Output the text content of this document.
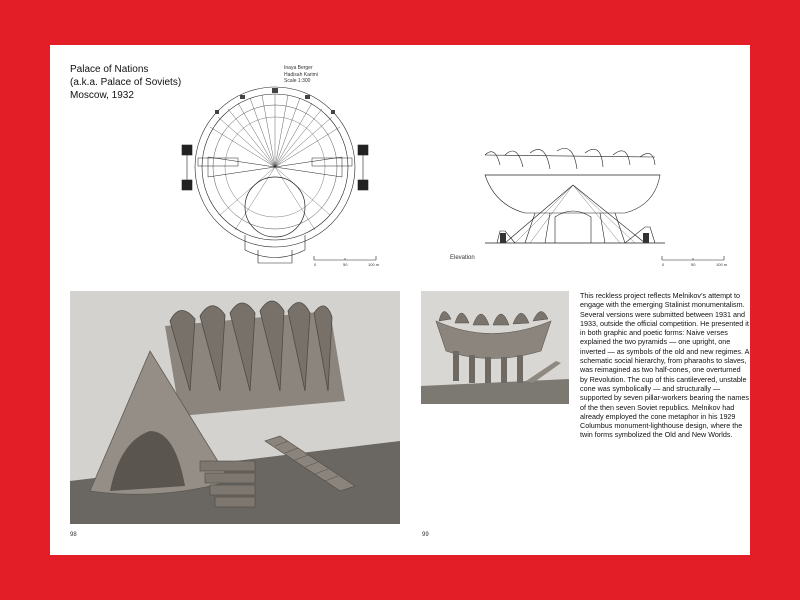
Palace of Nations
(a.k.a. Palace of Soviets)
Moscow, 1932
Inaya Berger
Hadisah Karimi
Scale 1:300
0	50	100 m	0	50	100 m
Elevation
This reckless project reflects Melnikov’s attempt to engage with the emerging Stalinist monumentalism. Several versions were submitted between 1931 and 1933, outside the official competition. He presented it in both graphic and poetic forms: Naive verses explained the two pyramids — one upright, one inverted — as symbols of the old and new regimes. A schematic social hierarchy, from pharaohs to slaves, was reimagined as two half-cones, one overturned by Revolution. The cup of this cantilevered, unstable cone was symbolically — and structurally — supported by seven pillar-workers bearing the names of the then seven Soviet republics. Melnikov had already employed the cone metaphor in his 1929 Columbus monument-lighthouse design, where the twin forms symbolized the Old and New Worlds.
98	99
